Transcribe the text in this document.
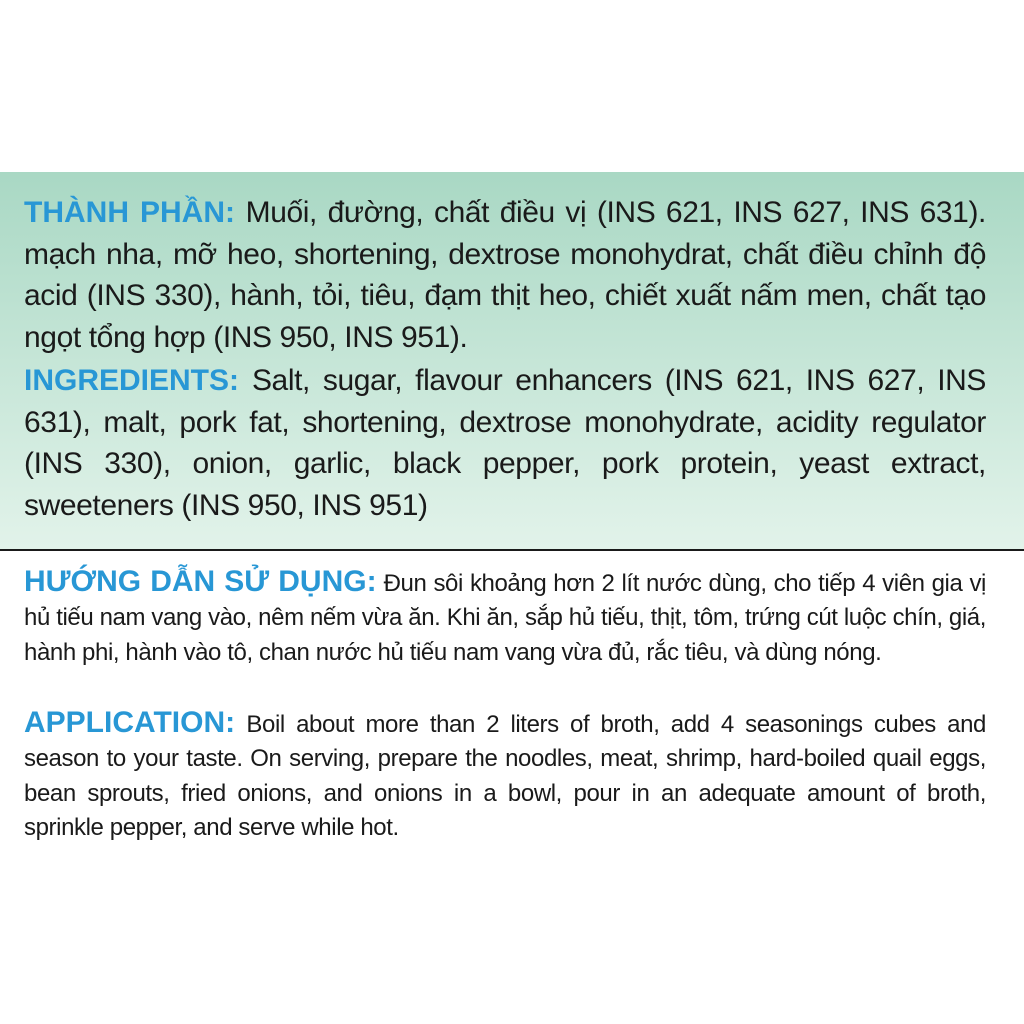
THÀNH PHẦN: Muối, đường, chất điều vị (INS 621, INS 627, INS 631). mạch nha, mỡ heo, shortening, dextrose monohydrat, chất điều chỉnh độ acid (INS 330), hành, tỏi, tiêu, đạm thịt heo, chiết xuất nấm men, chất tạo ngọt tổng hợp (INS 950, INS 951).

INGREDIENTS: Salt, sugar, flavour enhancers (INS 621, INS 627, INS 631), malt, pork fat, shortening, dextrose monohydrate, acidity regulator (INS 330), onion, garlic, black pepper, pork protein, yeast extract, sweeteners (INS 950, INS 951)

HƯỚNG DẪN SỬ DỤNG: Đun sôi khoảng hơn 2 lít nước dùng, cho tiếp 4 viên gia vị hủ tiếu nam vang vào, nêm nếm vừa ăn. Khi ăn, sắp hủ tiếu, thịt, tôm, trứng cút luộc chín, giá, hành phi, hành vào tô, chan nước hủ tiếu nam vang vừa đủ, rắc tiêu, và dùng nóng.

APPLICATION: Boil about more than 2 liters of broth, add 4 seasonings cubes and season to your taste. On serving, prepare the noodles, meat, shrimp, hard-boiled quail eggs, bean sprouts, fried onions, and onions in a bowl, pour in an adequate amount of broth, sprinkle pepper, and serve while hot.
